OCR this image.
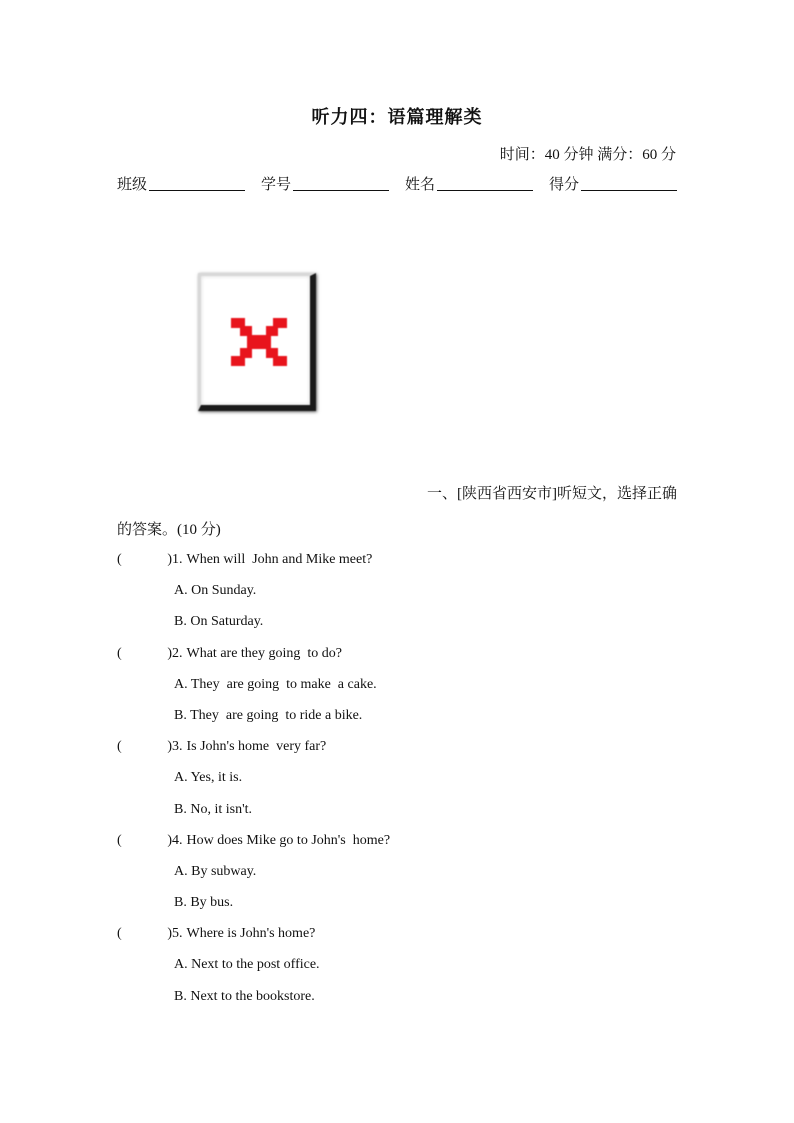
听力四：语篇理解类
时间：40 分钟 满分：60 分
班级	学号	姓名	得分
一、[陕西省西安市]听短文，选择正确
的答案。(10 分)
(	) 1. When will  John and Mike meet?
A. On Sunday.
B. On Saturday.
(	) 2. What are they going  to do?
A. They  are going  to make  a cake.
B. They  are going  to ride a bike.
(	) 3. Is John's home  very far?
A. Yes, it is.
B. No, it isn't.
(	) 4. How does Mike go to John's  home?
A. By subway.
B. By bus.
(	) 5. Where is John's home?
A. Next to the post office.
B. Next to the bookstore.
